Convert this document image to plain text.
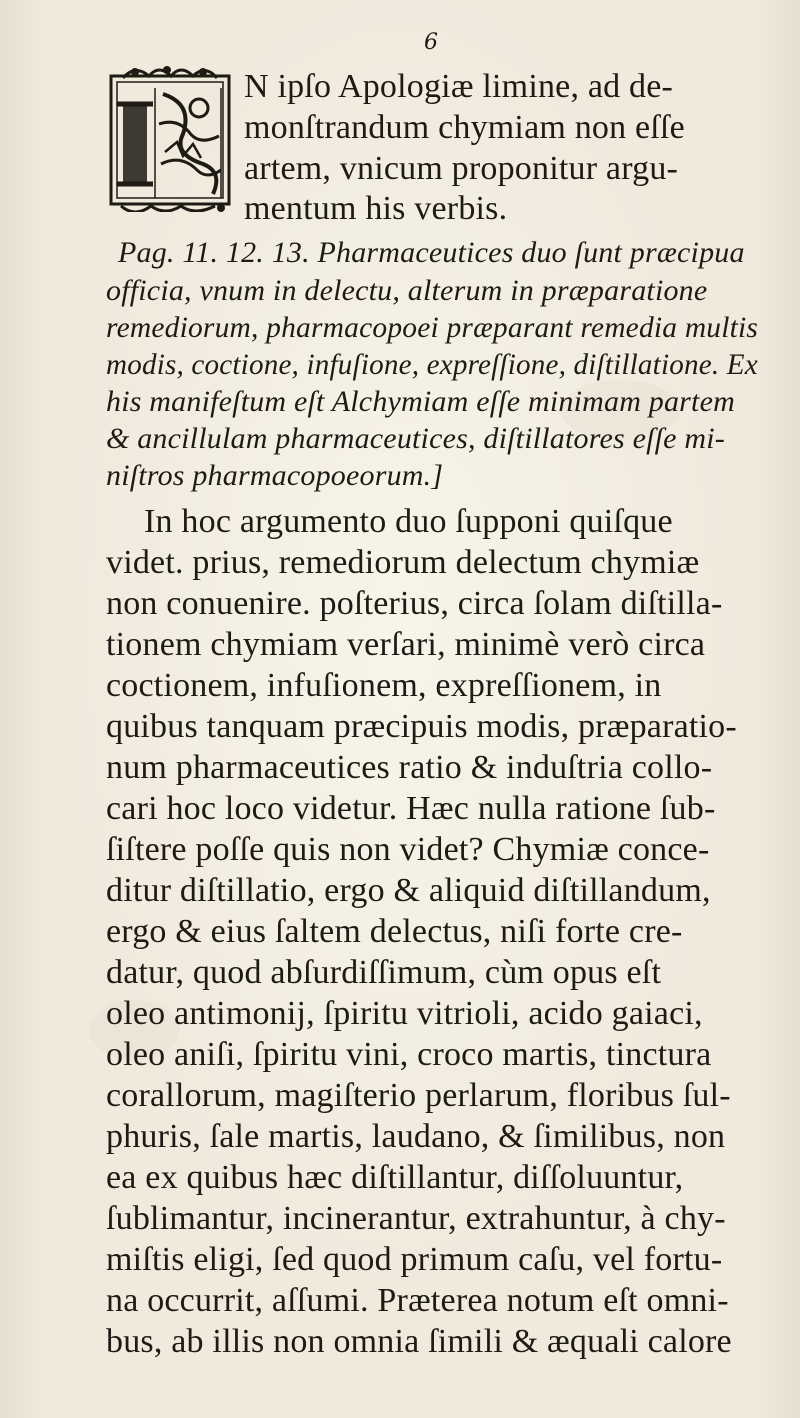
6
N ipſo Apologiæ limine, ad de-
monſtrandum chymiam non eſſe
artem, vnicum proponitur argu-
mentum his verbis.
Pag. 11. 12. 13. Pharmaceutices duo ſunt præcipua
officia, vnum in delectu, alterum in præparatione
remediorum, pharmacopoei præparant remedia multis
modis, coctione, infuſione, expreſſione, diſtillatione. Ex
his manifeſtum eſt Alchymiam eſſe minimam partem
& ancillulam pharmaceutices, diſtillatores eſſe mi-
niſtros pharmacopoeorum.]
In hoc argumento duo ſupponi quiſque
videt. prius, remediorum delectum chymiæ
non conuenire. poſterius, circa ſolam diſtilla-
tionem chymiam verſari, minimè verò circa
coctionem, infuſionem, expreſſionem, in
quibus tanquam præcipuis modis, præparatio-
num pharmaceutices ratio & induſtria collo-
cari hoc loco videtur. Hæc nulla ratione ſub-
ſiſtere poſſe quis non videt? Chymiæ conce-
ditur diſtillatio, ergo & aliquid diſtillandum,
ergo & eius ſaltem delectus, niſi forte cre-
datur, quod abſurdiſſimum, cùm opus eſt
oleo antimonij, ſpiritu vitrioli, acido gaiaci,
oleo aniſi, ſpiritu vini, croco martis, tinctura
corallorum, magiſterio perlarum, floribus ſul-
phuris, ſale martis, laudano, & ſimilibus, non
ea ex quibus hæc diſtillantur, diſſoluuntur,
ſublimantur, incinerantur, extrahuntur, à chy-
miſtis eligi, ſed quod primum caſu, vel fortu-
na occurrit, aſſumi. Præterea notum eſt omni-
bus, ab illis non omnia ſimili & æquali calore
